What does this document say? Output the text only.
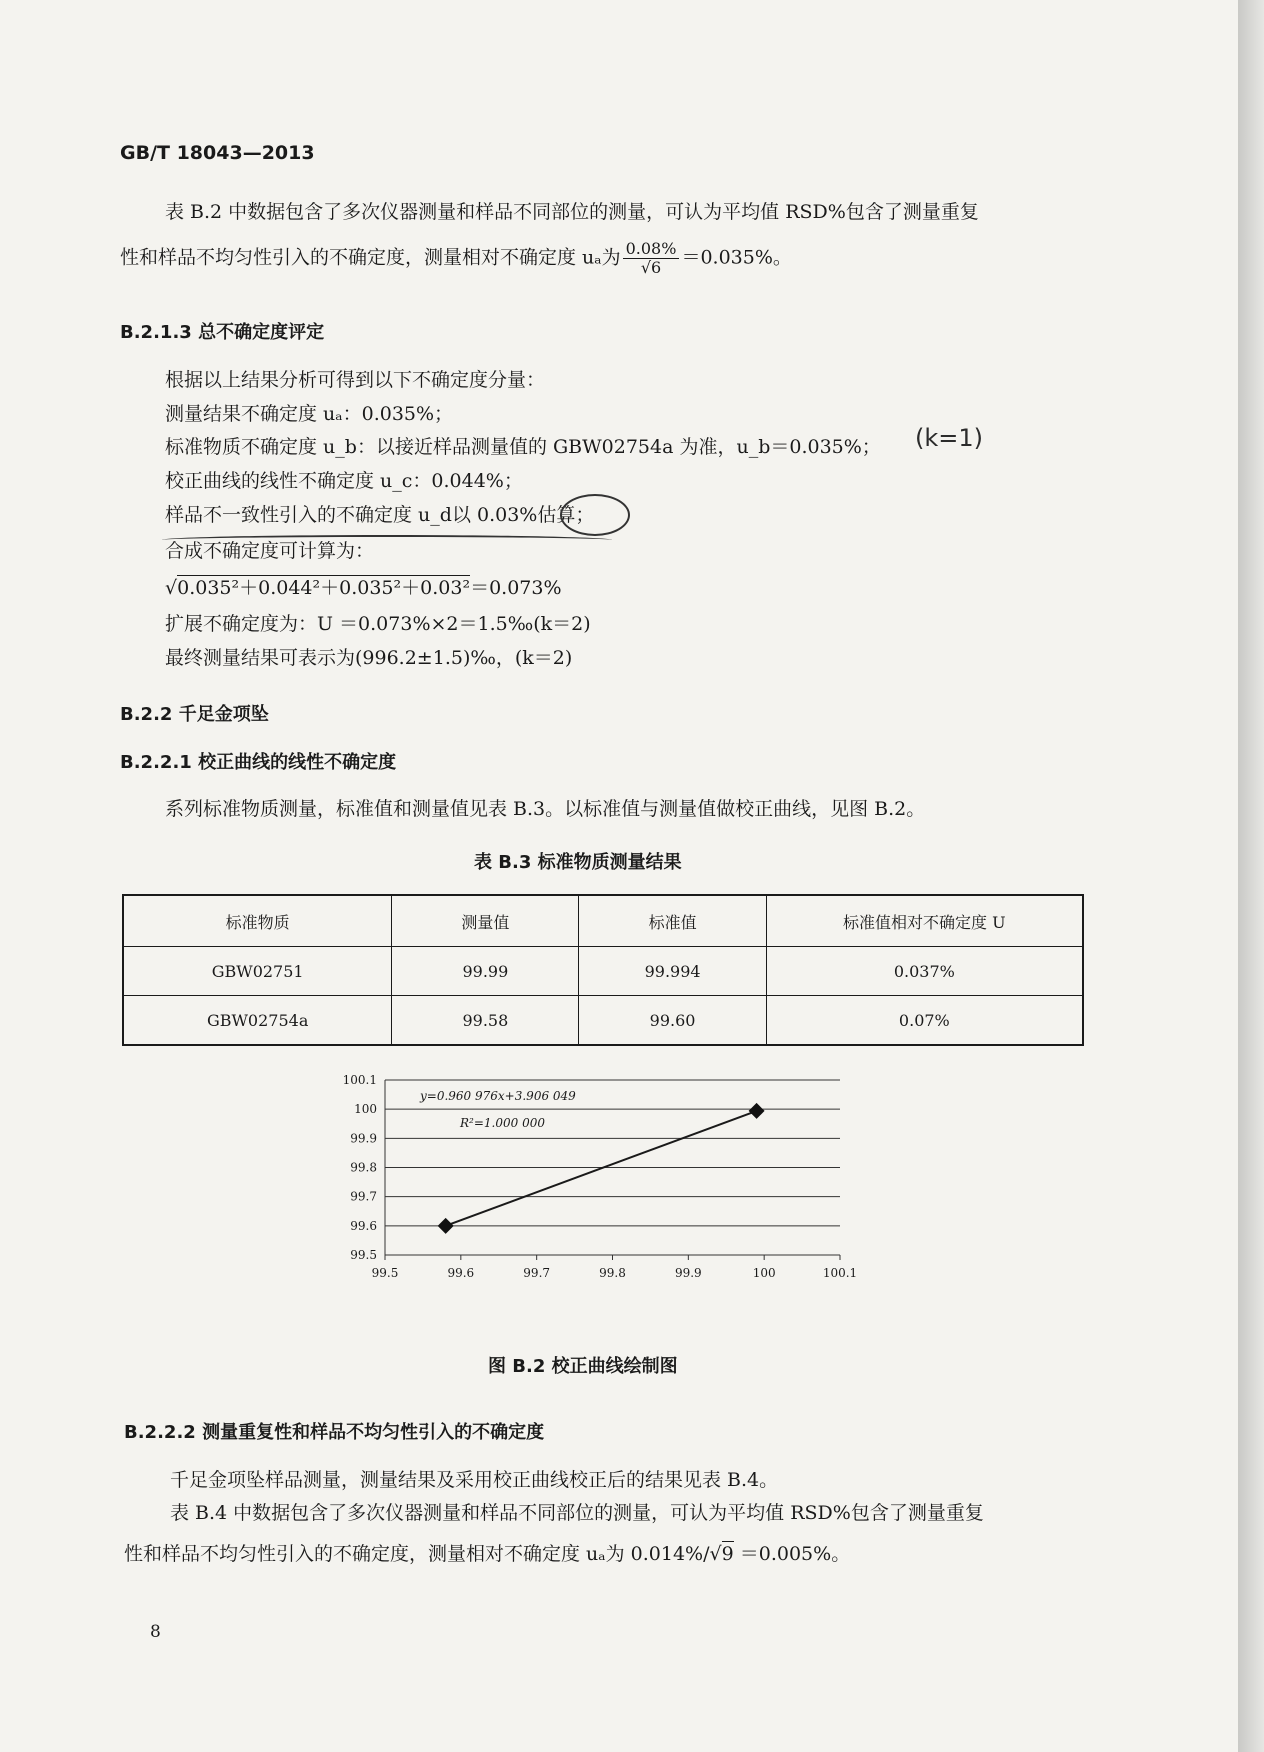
GB/T 18043—2013
表 B.2 中数据包含了多次仪器测量和样品不同部位的测量，可认为平均值 RSD%包含了测量重复
性和样品不均匀性引入的不确定度，测量相对不确定度 uₐ为 $\frac{0.08\%}{√6} =0.035\%$。
B.2.1.3 总不确定度评定
根据以上结果分析可得到以下不确定度分量：
测量结果不确定度 uₐ：0.035%；
标准物质不确定度 u_b：以接近样品测量值的 GBW02754a 为准，u_b＝0.035%； (k=1)
校正曲线的线性不确定度 u_c：0.044%；
样品不一致性引入的不确定度 u_d以 0.03%估算；
合成不确定度可计算为：
√0.035²＋0.044²＋0.035²＋0.03²＝0.073%
扩展不确定度为：U ＝0.073%×2＝1.5‰(k＝2)
最终测量结果可表示为(996.2±1.5)‰，(k＝2)
B.2.2 千足金项坠
B.2.2.1 校正曲线的线性不确定度
系列标准物质测量，标准值和测量值见表 B.3。以标准值与测量值做校正曲线，见图 B.2。
表 B.3 标准物质测量结果
标准物质	测量值	标准值	标准值相对不确定度 U
GBW02751	99.99	99.994	0.037%
GBW02754a	99.58	99.60	0.07%
99.5
99.6
99.7
99.8
99.9
100
100.1
99.5	99.6	99.7	99.8	99.9	100	100.1
y=0.960 976x+3.906 049
R²=1.000 000
图 B.2 校正曲线绘制图
B.2.2.2 测量重复性和样品不均匀性引入的不确定度
千足金项坠样品测量，测量结果及采用校正曲线校正后的结果见表 B.4。
表 B.4 中数据包含了多次仪器测量和样品不同部位的测量，可认为平均值 RSD%包含了测量重复
性和样品不均匀性引入的不确定度，测量相对不确定度 uₐ为 0.014%/√9 ＝0.005%。
8
